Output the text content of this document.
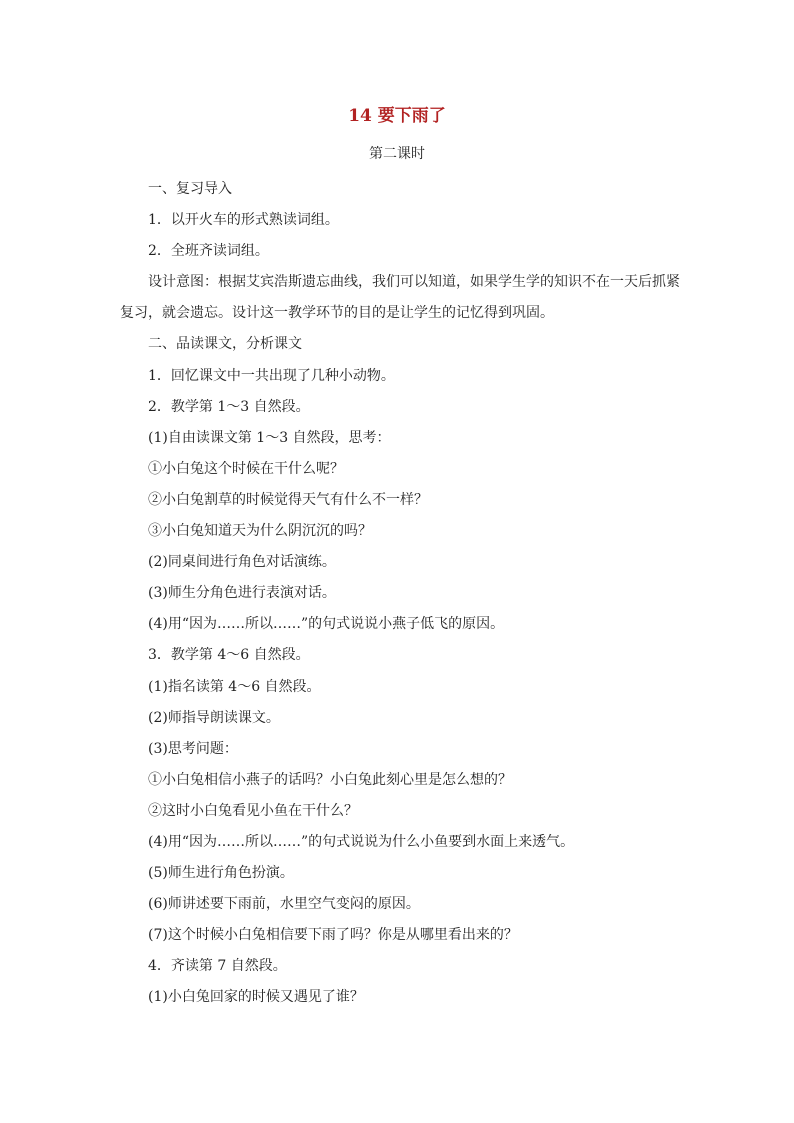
14 要下雨了
第二课时
一、复习导入
1．以开火车的形式熟读词组。
2．全班齐读词组。
设计意图：根据艾宾浩斯遗忘曲线，我们可以知道，如果学生学的知识不在一天后抓紧
复习，就会遗忘。设计这一教学环节的目的是让学生的记忆得到巩固。
二、品读课文，分析课文
1．回忆课文中一共出现了几种小动物。
2．教学第 1～3 自然段。
(1)自由读课文第 1～3 自然段，思考：
①小白兔这个时候在干什么呢？
②小白兔割草的时候觉得天气有什么不一样？
③小白兔知道天为什么阴沉沉的吗？
(2)同桌间进行角色对话演练。
(3)师生分角色进行表演对话。
(4)用“因为……所以……”的句式说说小燕子低飞的原因。
3．教学第 4～6 自然段。
(1)指名读第 4～6 自然段。
(2)师指导朗读课文。
(3)思考问题：
①小白兔相信小燕子的话吗？小白兔此刻心里是怎么想的？
②这时小白兔看见小鱼在干什么？
(4)用“因为……所以……”的句式说说为什么小鱼要到水面上来透气。
(5)师生进行角色扮演。
(6)师讲述要下雨前，水里空气变闷的原因。
(7)这个时候小白兔相信要下雨了吗？你是从哪里看出来的？
4．齐读第 7 自然段。
(1)小白兔回家的时候又遇见了谁？
